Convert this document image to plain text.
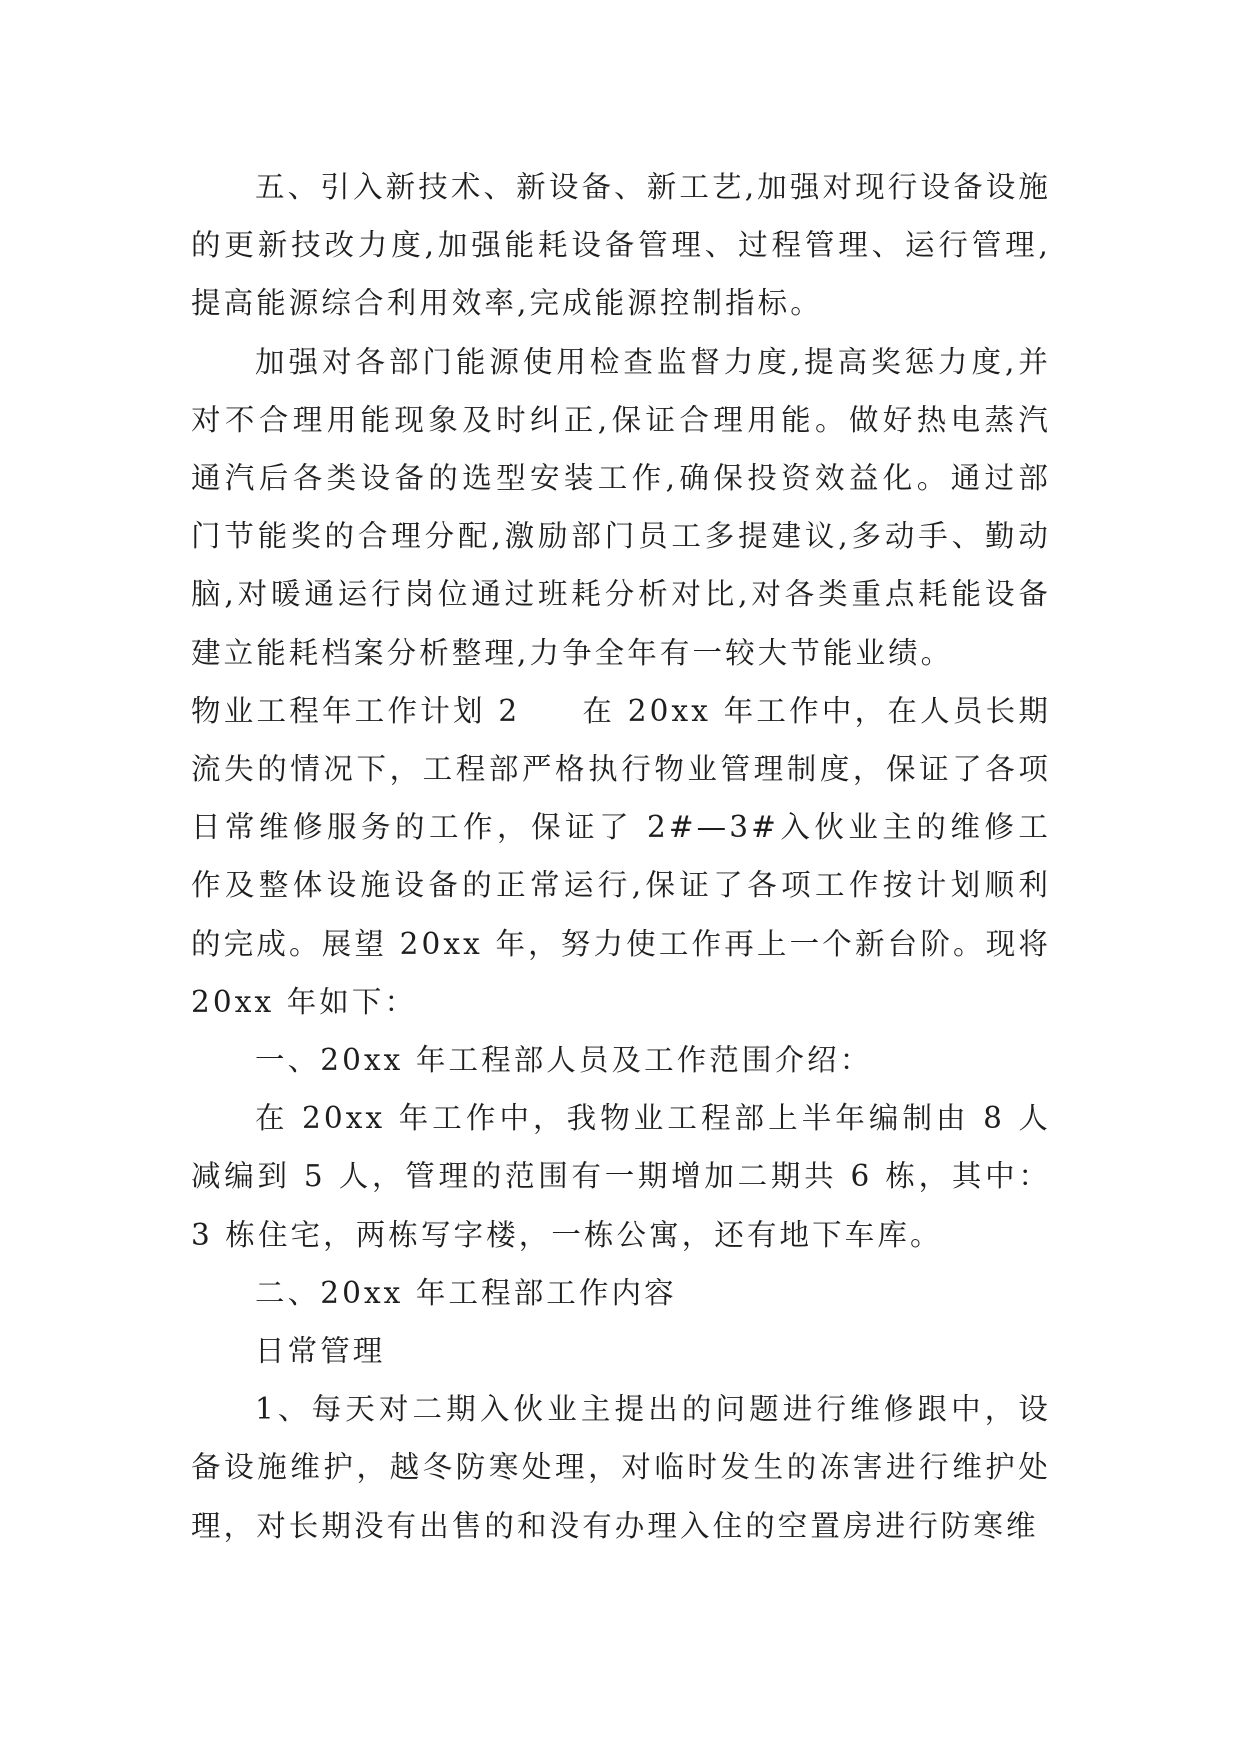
五、引入新技术、新设备、新工艺,加强对现行设备设施的更新技改力度,加强能耗设备管理、过程管理、运行管理,提高能源综合利用效率,完成能源控制指标。

加强对各部门能源使用检查监督力度,提高奖惩力度,并对不合理用能现象及时纠正,保证合理用能。做好热电蒸汽通汽后各类设备的选型安装工作,确保投资效益化。通过部门节能奖的合理分配,激励部门员工多提建议,多动手、勤动脑,对暖通运行岗位通过班耗分析对比,对各类重点耗能设备建立能耗档案分析整理,力争全年有一较大节能业绩。

物业工程年工作计划 2 在 20xx 年工作中，在人员长期流失的情况下，工程部严格执行物业管理制度，保证了各项日常维修服务的工作，保证了 2#—3#入伙业主的维修工作及整体设施设备的正常运行,保证了各项工作按计划顺利的完成。展望 20xx 年，努力使工作再上一个新台阶。现将 20xx 年如下：

一、20xx 年工程部人员及工作范围介绍：

在 20xx 年工作中，我物业工程部上半年编制由 8 人减编到 5 人，管理的范围有一期增加二期共 6 栋，其中：3 栋住宅，两栋写字楼，一栋公寓，还有地下车库。

二、20xx 年工程部工作内容

日常管理

1、每天对二期入伙业主提出的问题进行维修跟中，设备设施维护，越冬防寒处理，对临时发生的冻害进行维护处理，对长期没有出售的和没有办理入住的空置房进行防寒维
